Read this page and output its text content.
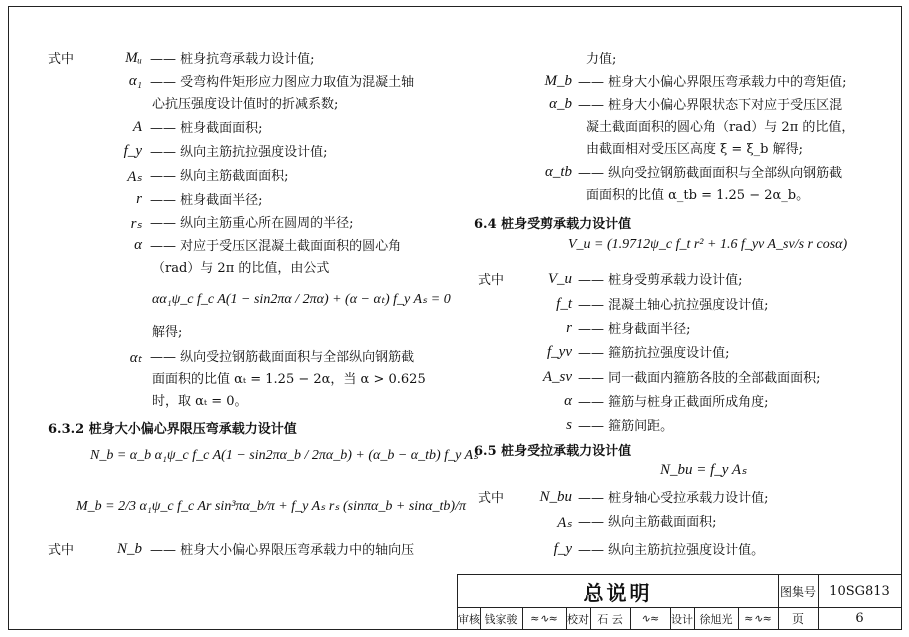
式中	Mᵤ —— 桩身抗弯承载力设计值;
α₁ —— 受弯构件矩形应力图应力取值为混凝土轴
心抗压强度设计值时的折减系数;
A —— 桩身截面面积;
f_y —— 纵向主筋抗拉强度设计值;
Aₛ —— 纵向主筋截面面积;
r —— 桩身截面半径;
rₛ —— 纵向主筋重心所在圆周的半径;
α —— 对应于受压区混凝土截面面积的圆心角
（rad）与 2π 的比值，由公式
αα₁ψ_c f_c A(1 − sin2πα / 2πα) + (α − αₜ) f_y Aₛ = 0
解得;
αₜ —— 纵向受拉钢筋截面面积与全部纵向钢筋截
面面积的比值 αₜ = 1.25 − 2α，当 α > 0.625
时，取 αₜ = 0。
6.3.2 桩身大小偏心界限压弯承载力设计值
N_b = α_b α₁ψ_c f_c A(1 − sin2πα_b / 2πα_b) + (α_b − α_tb) f_y Aₛ
M_b = 2/3 α₁ψ_c f_c Ar sin³πα_b/π + f_y Aₛ rₛ (sinπα_b + sinα_tb)/π
式中	N_b —— 桩身大小偏心界限压弯承载力中的轴向压
力值;
M_b —— 桩身大小偏心界限压弯承载力中的弯矩值;
α_b —— 桩身大小偏心界限状态下对应于受压区混
凝土截面面积的圆心角（rad）与 2π 的比值，
由截面相对受压区高度 ξ = ξ_b 解得;
α_tb —— 纵向受拉钢筋截面面积与全部纵向钢筋截
面面积的比值 α_tb = 1.25 − 2α_b。
6.4 桩身受剪承载力设计值
V_u = (1.9712ψ_c f_t r² + 1.6 f_yv A_sv/s r cosα)
式中	V_u —— 桩身受剪承载力设计值;
f_t —— 混凝土轴心抗拉强度设计值;
r —— 桩身截面半径;
f_yv —— 箍筋抗拉强度设计值;
A_sv —— 同一截面内箍筋各肢的全部截面面积;
α —— 箍筋与桩身正截面所成角度;
s —— 箍筋间距。
6.5 桩身受拉承载力设计值
N_bu = f_y Aₛ
式中	N_bu —— 桩身轴心受拉承载力设计值;
Aₛ —— 纵向主筋截面面积;
f_y —— 纵向主筋抗拉强度设计值。
总说明	图集号	10SG813
审核 钱家骏	≈∿≈ 校对 石 云	∿≈	设计 徐旭光	≈∿≈	页	6
